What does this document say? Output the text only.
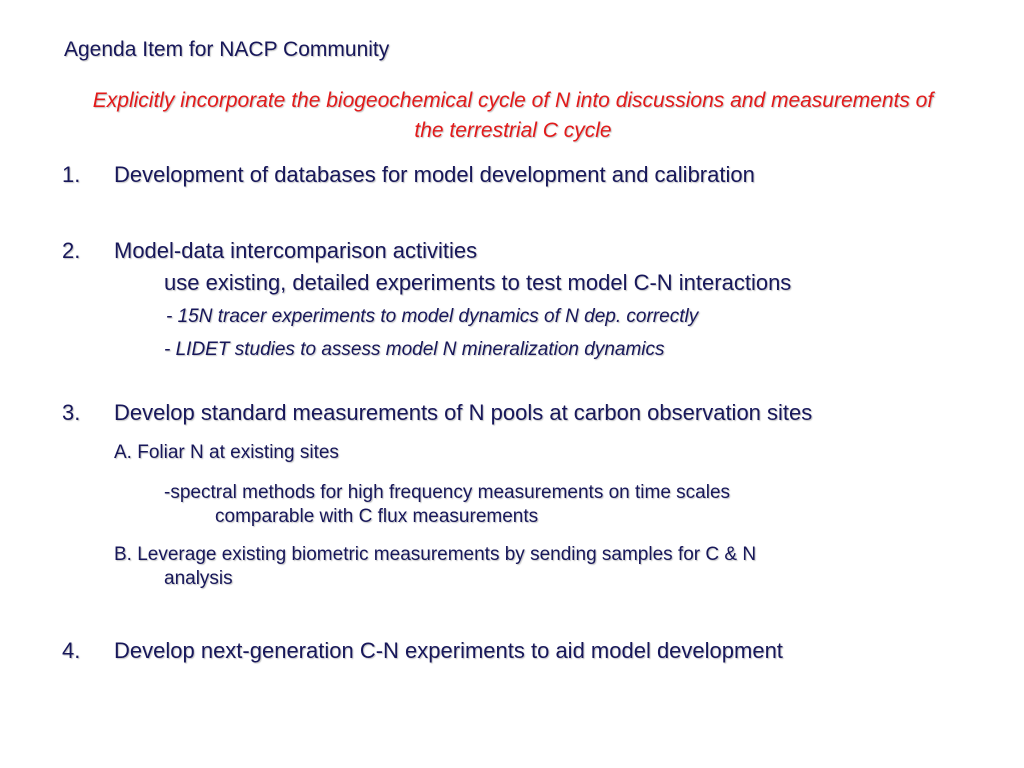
Agenda Item for NACP Community
Explicitly incorporate the biogeochemical cycle of N into discussions and measurements of the terrestrial C cycle
1. Development of databases for model development and calibration
2. Model-data intercomparison activities
use existing, detailed experiments to test model C-N interactions
- 15N tracer experiments to model dynamics of N dep. correctly
- LIDET studies to assess model N mineralization dynamics
3. Develop standard measurements of N pools at carbon observation sites
A. Foliar N at existing sites
-spectral methods for high frequency measurements on time scales
comparable with C flux measurements
B. Leverage existing biometric measurements by sending samples for C & N
analysis
4. Develop next-generation C-N experiments to aid model development
